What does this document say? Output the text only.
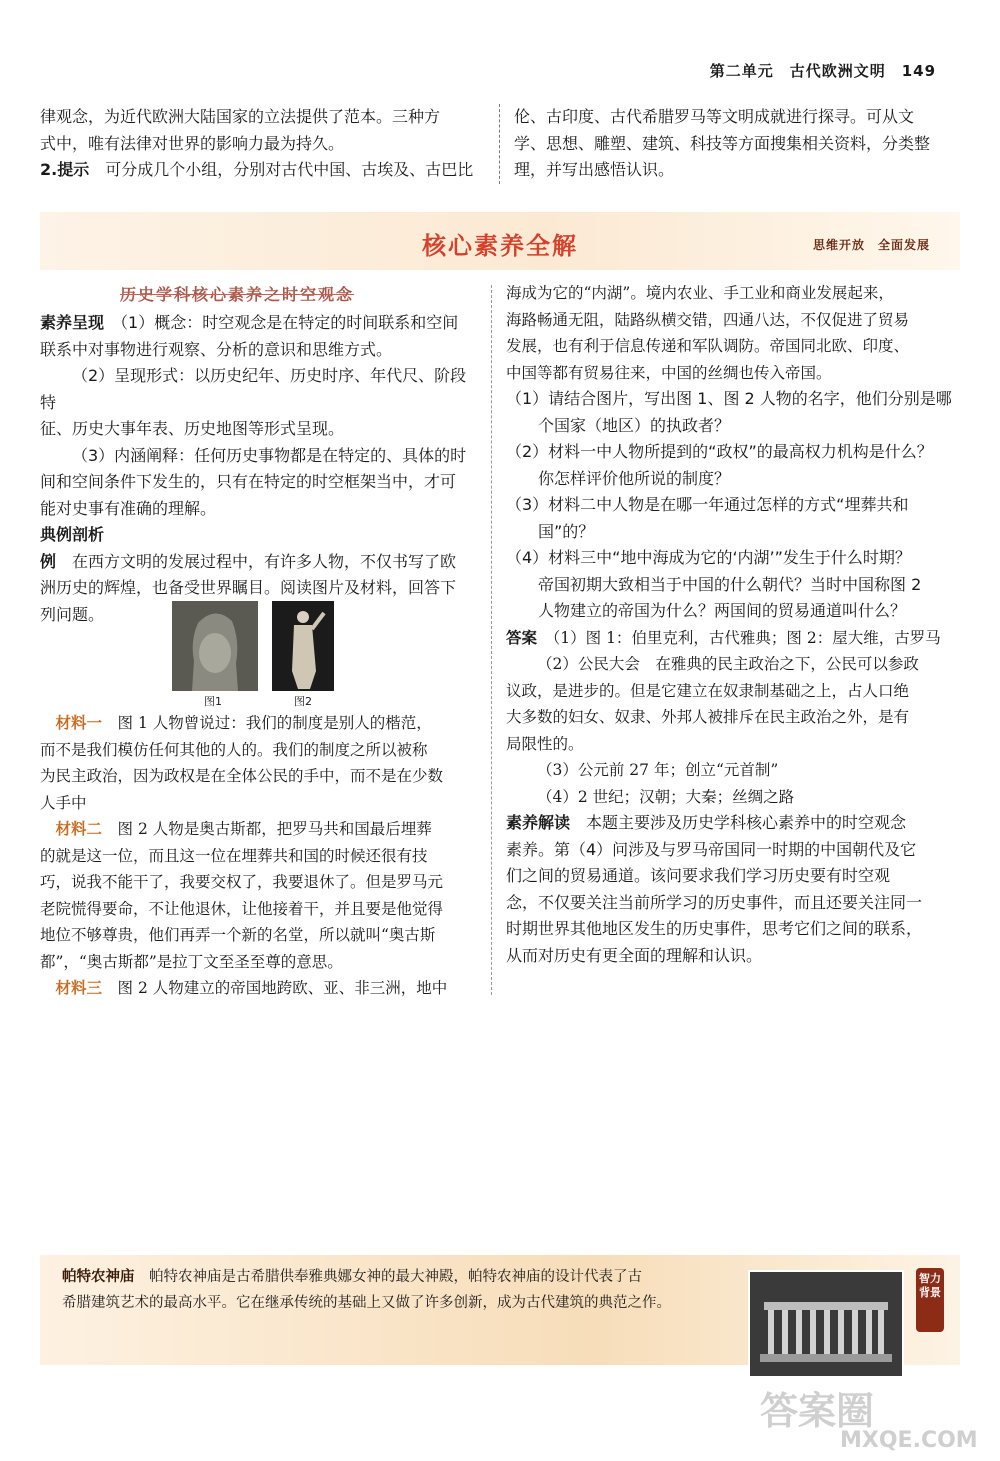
第二单元　古代欧洲文明　149

律观念，为近代欧洲大陆国家的立法提供了范本。三种方

式中，唯有法律对世界的影响力最为持久。

2.提示　 可分成几个小组，分别对古代中国、古埃及、古巴比

伦、古印度、古代希腊罗马等文明成就进行探寻。可从文

学、思想、雕塑、建筑、科技等方面搜集相关资料，分类整

理，并写出感悟认识。

核心素养全解	思维开放　全面发展
历史学科核心素养之时空观念

素养呈现　 （1）概念：时空观念是在特定的时间联系和空间

联系中对事物进行观察、分析的意识和思维方式。

（2）呈现形式：以历史纪年、历史时序、年代尺、阶段特

征、历史大事年表、历史地图等形式呈现。

（3）内涵阐释：任何历史事物都是在特定的、具体的时

间和空间条件下发生的，只有在特定的时空框架当中，才可

能对史事有准确的理解。

典例剖析

例　 在西方文明的发展过程中，有许多人物，不仅书写了欧

洲历史的辉煌，也备受世界瞩目。阅读图片及材料，回答下

列问题。

图1	图2

材料一　 图 1 人物曾说过：我们的制度是别人的楷范，

而不是我们模仿任何其他的人的。我们的制度之所以被称

为民主政治，因为政权是在全体公民的手中，而不是在少数

人手中

材料二　 图 2 人物是奥古斯都，把罗马共和国最后埋葬

的就是这一位，而且这一位在埋葬共和国的时候还很有技

巧，说我不能干了，我要交权了，我要退休了。但是罗马元

老院慌得要命，不让他退休，让他接着干，并且要是他觉得

地位不够尊贵，他们再弄一个新的名堂，所以就叫“奥古斯

都”，“奥古斯都”是拉丁文至圣至尊的意思。

材料三　 图 2 人物建立的帝国地跨欧、亚、非三洲，地中

海成为它的“内湖”。境内农业、手工业和商业发展起来，

海路畅通无阻，陆路纵横交错，四通八达，不仅促进了贸易

发展，也有利于信息传递和军队调防。帝国同北欧、印度、

中国等都有贸易往来，中国的丝绸也传入帝国。

（1）请结合图片，写出图 1、图 2 人物的名字，他们分别是哪

个国家（地区）的执政者？

（2）材料一中人物所提到的“政权”的最高权力机构是什么？

你怎样评价他所说的制度？

（3）材料二中人物是在哪一年通过怎样的方式“埋葬共和

国”的？

（4）材料三中“地中海成为它的‘内湖’”发生于什么时期？

帝国初期大致相当于中国的什么朝代？当时中国称图 2

人物建立的帝国为什么？两国间的贸易通道叫什么？

答案　 （1）图 1：伯里克利，古代雅典；图 2：屋大维，古罗马

（2）公民大会　在雅典的民主政治之下，公民可以参政

议政，是进步的。但是它建立在奴隶制基础之上，占人口绝

大多数的妇女、奴隶、外邦人被排斥在民主政治之外，是有

局限性的。

（3）公元前 27 年；创立“元首制”

（4）2 世纪；汉朝；大秦；丝绸之路

素养解读　 本题主要涉及历史学科核心素养中的时空观念

素养。第（4）问涉及与罗马帝国同一时期的中国朝代及它

们之间的贸易通道。该问要求我们学习历史要有时空观

念，不仅要关注当前所学习的历史事件，而且还要关注同一

时期世界其他地区发生的历史事件，思考它们之间的联系，

从而对历史有更全面的理解和认识。

帕特农神庙　 帕特农神庙是古希腊供奉雅典娜女神的最大神殿，帕特农神庙的设计代表了古
希腊建筑艺术的最高水平。它在继承传统的基础上又做了许多创新，成为古代建筑的典范之作。
智力背景
答案圈
MXQE.COM
